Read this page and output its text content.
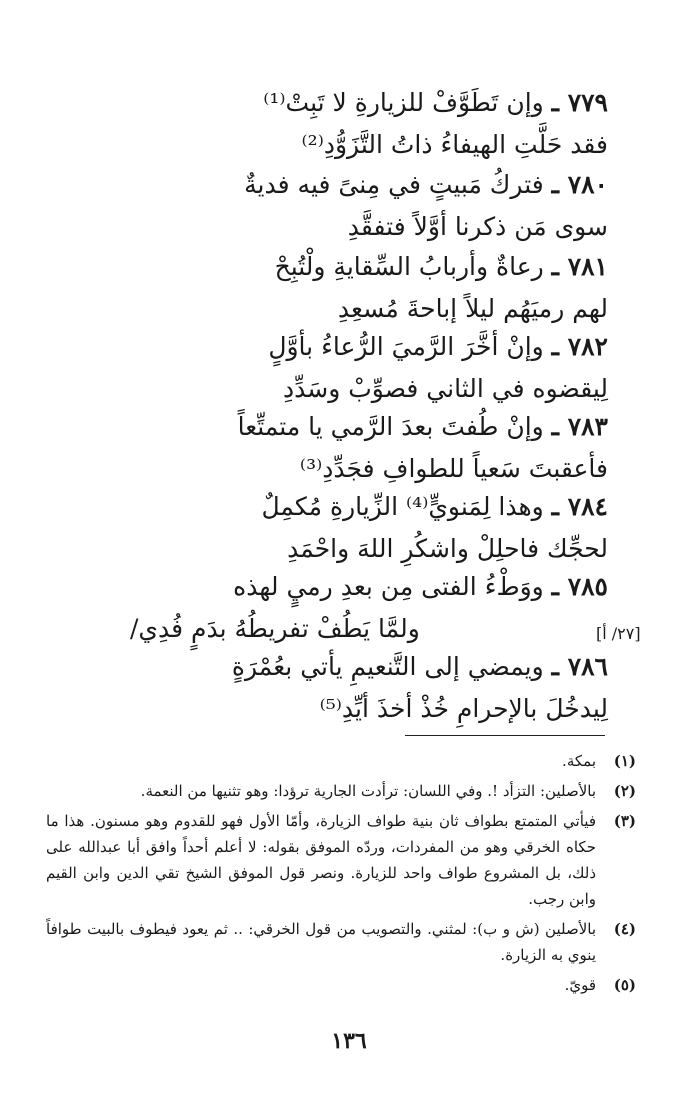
٧٧٩ ـ وإن تَطَوَّفْ للزيارةِ لا تَبِتْ⁽¹⁾
فقد حَلَّتِ الهيفاءُ ذاتُ التَّزَوُّدِ⁽²⁾
٧٨٠ ـ فتركُ مَبيتٍ في مِنىً فيه فديةٌ
سوى مَن ذكرنا أوَّلاً فتفقَّدِ
٧٨١ ـ رعاةٌ وأربابُ السِّقايةِ ولْتُبِحْ
لهم رميَهُم ليلاً إباحةَ مُسعِدِ
٧٨٢ ـ وإنْ أخَّرَ الرَّميَ الرُّعاءُ بأوَّلٍ
لِيقضوه في الثاني فصوِّبْ وسَدِّدِ
٧٨٣ ـ وإنْ طُفتَ بعدَ الرَّمي يا متمتِّعاً
فأعقبتَ سَعياً للطوافِ فجَدِّدِ⁽³⁾
٧٨٤ ـ وهذا لِمَنويٍّ⁽⁴⁾ الزِّيارةِ مُكمِلٌ
لحجِّك فاحلِلْ واشكُرِ اللهَ واحْمَدِ
٧٨٥ ـ ووَطْءُ الفتى مِن بعدِ رميٍ لهذه
ولمَّا يَطُفْ تفريطُهُ بدَمٍ فُدِي/	[٢٧/ أ]
٧٨٦ ـ ويمضي إلى التَّنعيمِ يأتي بعُمْرَةٍ
لِيدخُلَ بالإحرامِ خُذْ أخذَ أيِّدِ⁽⁵⁾
(١)
بمكة.
(٢)
بالأصلين: التزأد !. وفي اللسان: ترأدت الجارية ترؤدا: وهو تثنيها من النعمة.
(٣)
فيأتي المتمتع بطواف ثان بنية طواف الزيارة، وأمّا الأول فهو للقدوم وهو مسنون. هذا ما حكاه الخرقي وهو من المفردات، وردّه الموفق بقوله: لا أعلم أحداً وافق أبا عبدالله على ذلك، بل المشروع طواف واحد للزيارة. ونصر قول الموفق الشيخ تقي الدين وابن القيم وابن رجب.
(٤)
بالأصلين (ش و ب): لمثني. والتصويب من قول الخرقي: .. ثم يعود فيطوف بالبيت طوافاً ينوي به الزيارة.
(٥)
قويّ.
١٣٦
